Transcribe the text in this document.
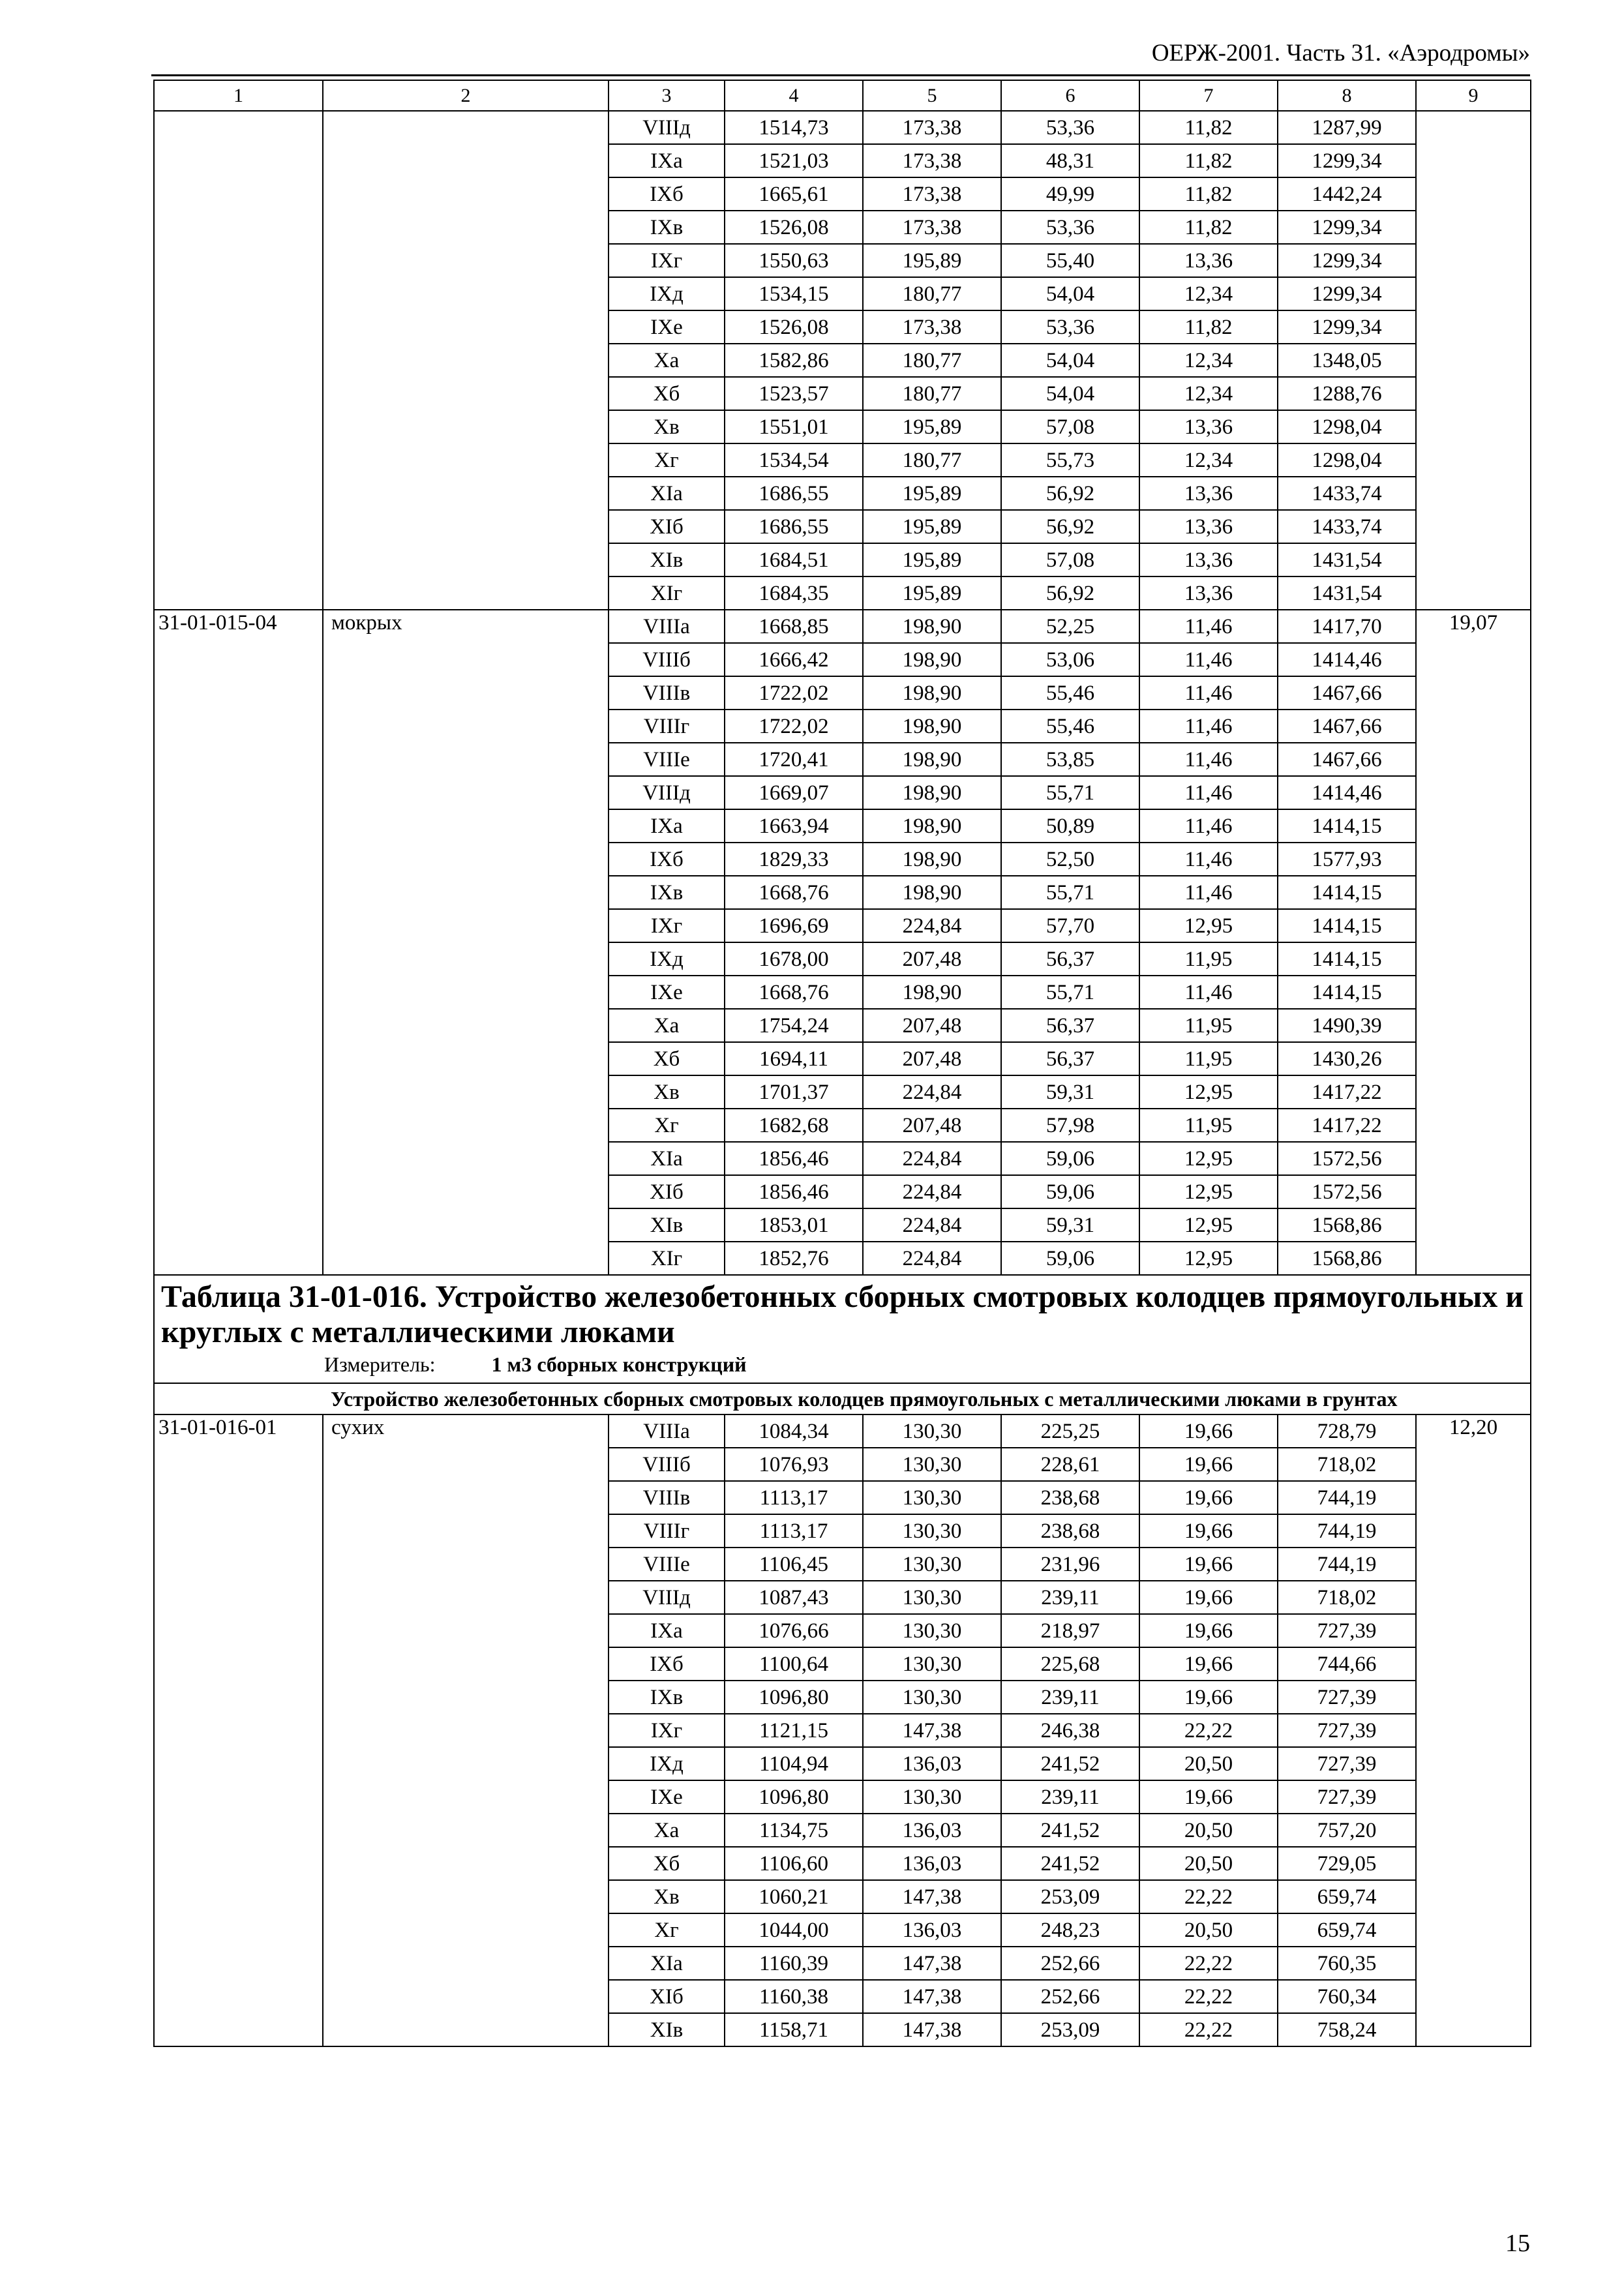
ОЕРЖ-2001. Часть 31. «Аэродромы»
1	2	3	4	5	6	7	8	9
		VIIIд	1514,73	173,38	53,36	11,82	1287,99	
		IXa	1521,03	173,38	48,31	11,82	1299,34	
		IXб	1665,61	173,38	49,99	11,82	1442,24	
		IXв	1526,08	173,38	53,36	11,82	1299,34	
		IXг	1550,63	195,89	55,40	13,36	1299,34	
		IXд	1534,15	180,77	54,04	12,34	1299,34	
		IXе	1526,08	173,38	53,36	11,82	1299,34	
		Xa	1582,86	180,77	54,04	12,34	1348,05	
		Xб	1523,57	180,77	54,04	12,34	1288,76	
		Xв	1551,01	195,89	57,08	13,36	1298,04	
		Xг	1534,54	180,77	55,73	12,34	1298,04	
		XIa	1686,55	195,89	56,92	13,36	1433,74	
		XIб	1686,55	195,89	56,92	13,36	1433,74	
		XIв	1684,51	195,89	57,08	13,36	1431,54	
		XIг	1684,35	195,89	56,92	13,36	1431,54	
31-01-015-04	мокрых	VIIIa	1668,85	198,90	52,25	11,46	1417,70	19,07
		VIIIб	1666,42	198,90	53,06	11,46	1414,46	
		VIIIв	1722,02	198,90	55,46	11,46	1467,66	
		VIIIг	1722,02	198,90	55,46	11,46	1467,66	
		VIIIе	1720,41	198,90	53,85	11,46	1467,66	
		VIIIд	1669,07	198,90	55,71	11,46	1414,46	
		IXa	1663,94	198,90	50,89	11,46	1414,15	
		IXб	1829,33	198,90	52,50	11,46	1577,93	
		IXв	1668,76	198,90	55,71	11,46	1414,15	
		IXг	1696,69	224,84	57,70	12,95	1414,15	
		IXд	1678,00	207,48	56,37	11,95	1414,15	
		IXе	1668,76	198,90	55,71	11,46	1414,15	
		Xa	1754,24	207,48	56,37	11,95	1490,39	
		Xб	1694,11	207,48	56,37	11,95	1430,26	
		Xв	1701,37	224,84	59,31	12,95	1417,22	
		Xг	1682,68	207,48	57,98	11,95	1417,22	
		XIa	1856,46	224,84	59,06	12,95	1572,56	
		XIб	1856,46	224,84	59,06	12,95	1572,56	
		XIв	1853,01	224,84	59,31	12,95	1568,86	
		XIг	1852,76	224,84	59,06	12,95	1568,86	

Таблица 31-01-016. Устройство железобетонных сборных смотровых колодцев прямоугольных и круглых с металлическими люками
Измеритель: 1 м3 сборных конструкций								

	Устройство железобетонных сборных смотровых колодцев прямоугольных с металлическими люками в грунтах							
31-01-016-01	сухих	VIIIa	1084,34	130,30	225,25	19,66	728,79	12,20
		VIIIб	1076,93	130,30	228,61	19,66	718,02	
		VIIIв	1113,17	130,30	238,68	19,66	744,19	
		VIIIг	1113,17	130,30	238,68	19,66	744,19	
		VIIIе	1106,45	130,30	231,96	19,66	744,19	
		VIIIд	1087,43	130,30	239,11	19,66	718,02	
		IXa	1076,66	130,30	218,97	19,66	727,39	
		IXб	1100,64	130,30	225,68	19,66	744,66	
		IXв	1096,80	130,30	239,11	19,66	727,39	
		IXг	1121,15	147,38	246,38	22,22	727,39	
		IXд	1104,94	136,03	241,52	20,50	727,39	
		IXе	1096,80	130,30	239,11	19,66	727,39	
		Xa	1134,75	136,03	241,52	20,50	757,20	
		Xб	1106,60	136,03	241,52	20,50	729,05	
		Xв	1060,21	147,38	253,09	22,22	659,74	
		Xг	1044,00	136,03	248,23	20,50	659,74	
		XIa	1160,39	147,38	252,66	22,22	760,35	
		XIб	1160,38	147,38	252,66	22,22	760,34	
		XIв	1158,71	147,38	253,09	22,22	758,24	
15
